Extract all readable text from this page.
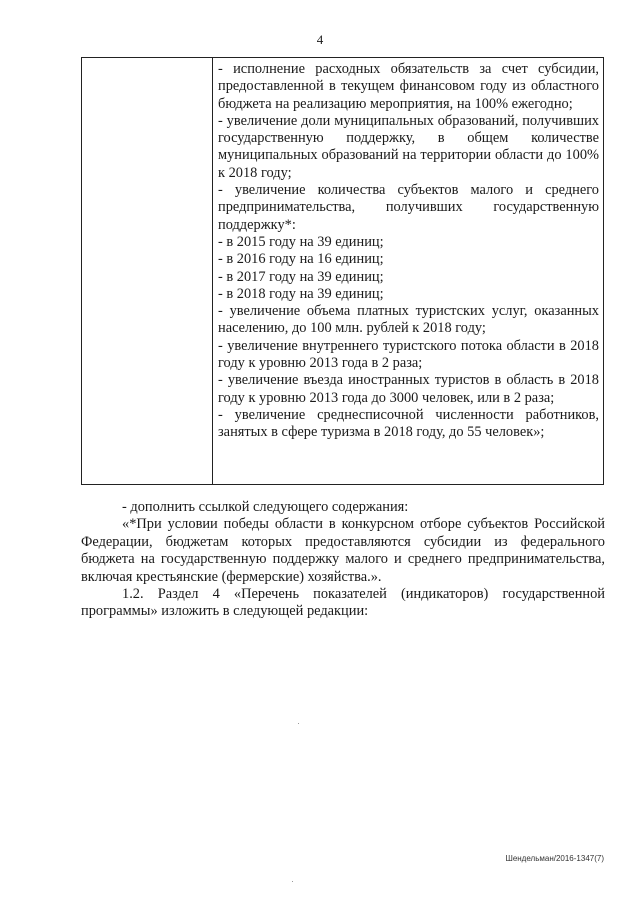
4

- исполнение расходных обязательств за счет субсидии, предоставленной в текущем финансовом году из областного бюджета на реализацию мероприятия, на 100% ежегодно;

- увеличение доли муниципальных образований, получивших государственную поддержку, в общем количестве муниципальных образований на территории области до 100% к 2018 году;

- увеличение количества субъектов малого и среднего предпринимательства, получивших государственную поддержку*:

- в 2015 году на 39 единиц;

- в 2016 году на 16 единиц;

- в 2017 году на 39 единиц;

- в 2018 году на 39 единиц;

- увеличение объема платных туристских услуг, оказанных населению, до 100 млн. рублей к 2018 году;

- увеличение внутреннего туристского потока области в 2018 году к уровню 2013 года в 2 раза;

- увеличение въезда иностранных туристов в область в 2018 году к уровню 2013 года до 3000 человек, или в 2 раза;

- увеличение среднесписочной численности работников, занятых в сфере туризма в 2018 году, до 55 человек»;

- дополнить ссылкой следующего содержания:

«*При условии победы области в конкурсном отборе субъектов Российской Федерации, бюджетам которых предоставляются субсидии из федерального бюджета на государственную поддержку малого и среднего предпринимательства, включая крестьянские (фермерские) хозяйства.».

1.2. Раздел 4 «Перечень показателей (индикаторов) государственной программы» изложить в следующей редакции:

Шендельман/2016-1347(7)
